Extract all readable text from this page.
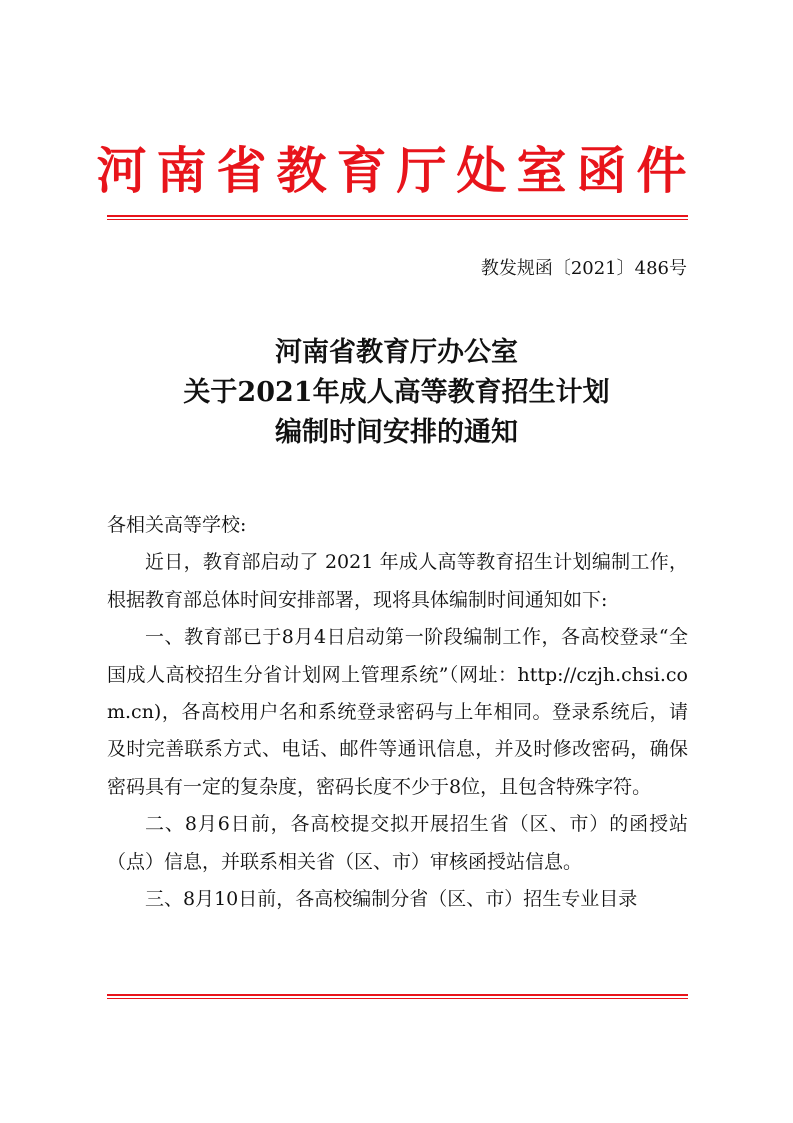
河南省教育厅处室函件
教发规函〔2021〕486号
河南省教育厅办公室
关于2021年成人高等教育招生计划
编制时间安排的通知

各相关高等学校:

近日，教育部启动了 2021 年成人高等教育招生计划编制工作，根据教育部总体时间安排部署，现将具体编制时间通知如下:

一、教育部已于8月4日启动第一阶段编制工作，各高校登录“全国成人高校招生分省计划网上管理系统”（网址：http://czjh.chsi.com.cn)，各高校用户名和系统登录密码与上年相同。登录系统后，请及时完善联系方式、电话、邮件等通讯信息，并及时修改密码，确保密码具有一定的复杂度，密码长度不少于8位，且包含特殊字符。

二、8月6日前，各高校提交拟开展招生省（区、市）的函授站（点）信息，并联系相关省（区、市）审核函授站信息。

三、8月10日前，各高校编制分省（区、市）招生专业目录
